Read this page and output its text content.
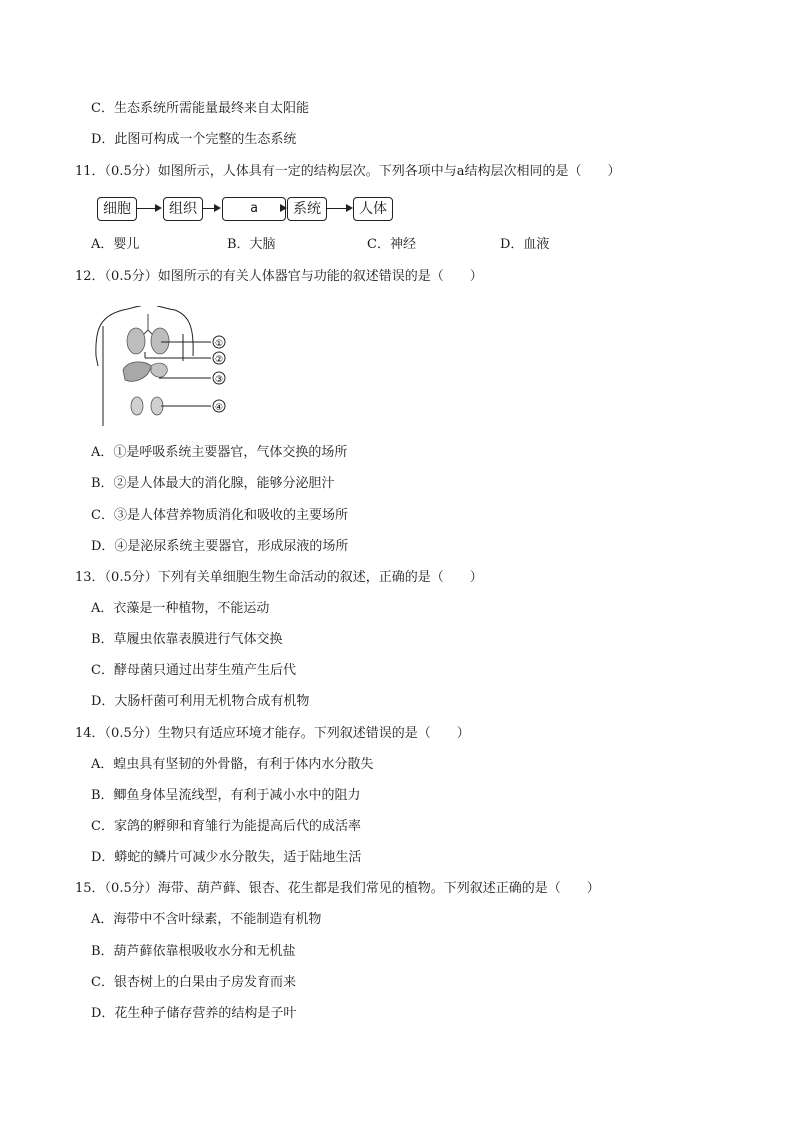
C．生态系统所需能量最终来自太阳能
D．此图可构成一个完整的生态系统
11．（0.5分）如图所示，人体具有一定的结构层次。下列各项中与a结构层次相同的是（　　）
细胞	组织	a	系统	人体
A．婴儿	B．大脑	C．神经	D．血液
12．（0.5分）如图所示的有关人体器官与功能的叙述错误的是（　　）
①
②
③
④
A．①是呼吸系统主要器官，气体交换的场所
B．②是人体最大的消化腺，能够分泌胆汁
C．③是人体营养物质消化和吸收的主要场所
D．④是泌尿系统主要器官，形成尿液的场所
13．（0.5分）下列有关单细胞生物生命活动的叙述，正确的是（　　）
A．衣藻是一种植物，不能运动
B．草履虫依靠表膜进行气体交换
C．酵母菌只通过出芽生殖产生后代
D．大肠杆菌可利用无机物合成有机物
14．（0.5分）生物只有适应环境才能存。下列叙述错误的是（　　）
A．蝗虫具有坚韧的外骨骼，有利于体内水分散失
B．鲫鱼身体呈流线型，有利于减小水中的阻力
C．家鸽的孵卵和育雏行为能提高后代的成活率
D．蟒蛇的鳞片可减少水分散失，适于陆地生活
15．（0.5分）海带、葫芦藓、银杏、花生都是我们常见的植物。下列叙述正确的是（　　）
A．海带中不含叶绿素，不能制造有机物
B．葫芦藓依靠根吸收水分和无机盐
C．银杏树上的白果由子房发育而来
D．花生种子储存营养的结构是子叶
